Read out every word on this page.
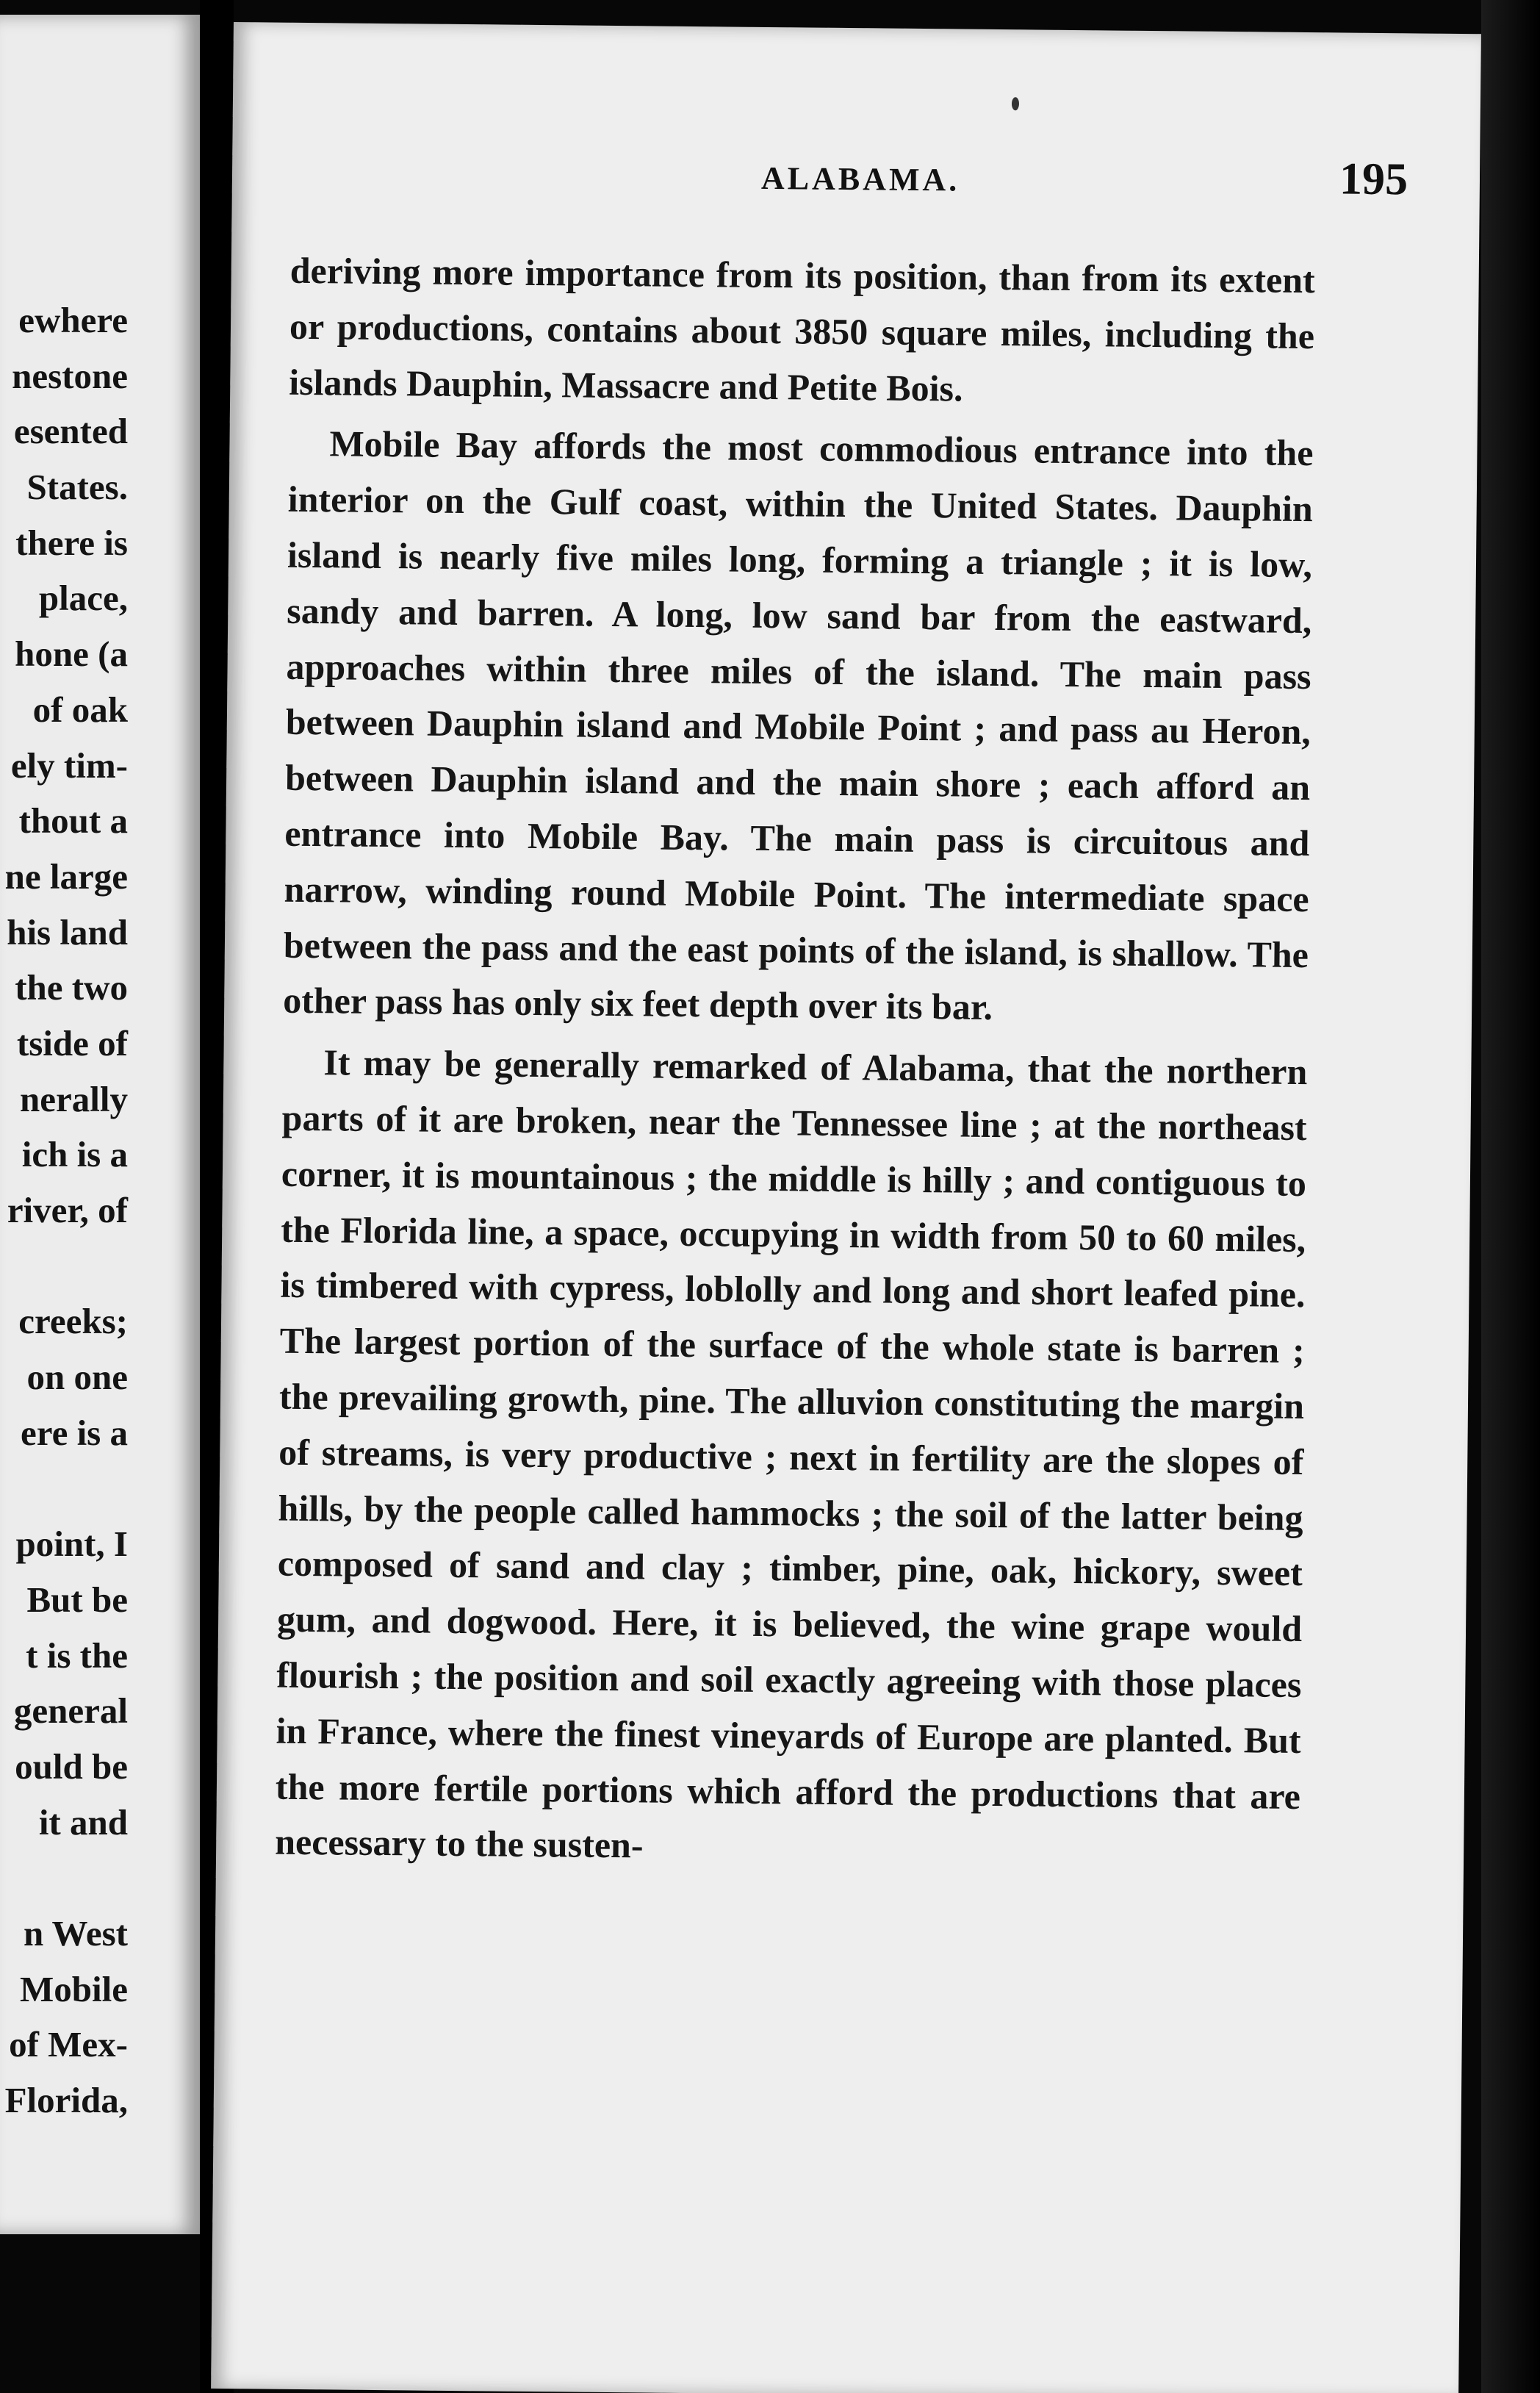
ewhere
nestone
esented
States.
there is
place,
hone (a
of oak
ely tim-
thout a
ne large
his land
the two
tside of
nerally
ich is a
river, of
creeks;
on one
ere is a
point, I
But be
t is the
general
ould be
it and
n West
Mobile
of Mex-
Florida,
ALABAMA.	195

deriving more importance from its position, than from its extent or productions, contains about 3850 square miles, including the islands Dauphin, Massacre and Petite Bois.

Mobile Bay affords the most commodious entrance into the interior on the Gulf coast, within the United States. Dauphin island is nearly five miles long, forming a triangle ; it is low, sandy and barren. A long, low sand bar from the eastward, approaches within three miles of the island. The main pass between Dauphin island and Mobile Point ; and pass au Heron, between Dauphin island and the main shore ; each afford an entrance into Mobile Bay. The main pass is circuitous and narrow, winding round Mobile Point. The intermediate space between the pass and the east points of the island, is shallow. The other pass has only six feet depth over its bar.

It may be generally remarked of Alabama, that the northern parts of it are broken, near the Tennessee line ; at the northeast corner, it is mountainous ; the middle is hilly ; and contiguous to the Florida line, a space, occupying in width from 50 to 60 miles, is timbered with cypress, loblolly and long and short leafed pine. The largest portion of the surface of the whole state is barren ; the prevailing growth, pine. The alluvion constituting the margin of streams, is very productive ; next in fertility are the slopes of hills, by the people called hammocks ; the soil of the latter being composed of sand and clay ; timber, pine, oak, hickory, sweet gum, and dogwood. Here, it is believed, the wine grape would flourish ; the position and soil exactly agreeing with those places in France, where the finest vineyards of Europe are planted. But the more fertile portions which afford the productions that are necessary to the susten-
